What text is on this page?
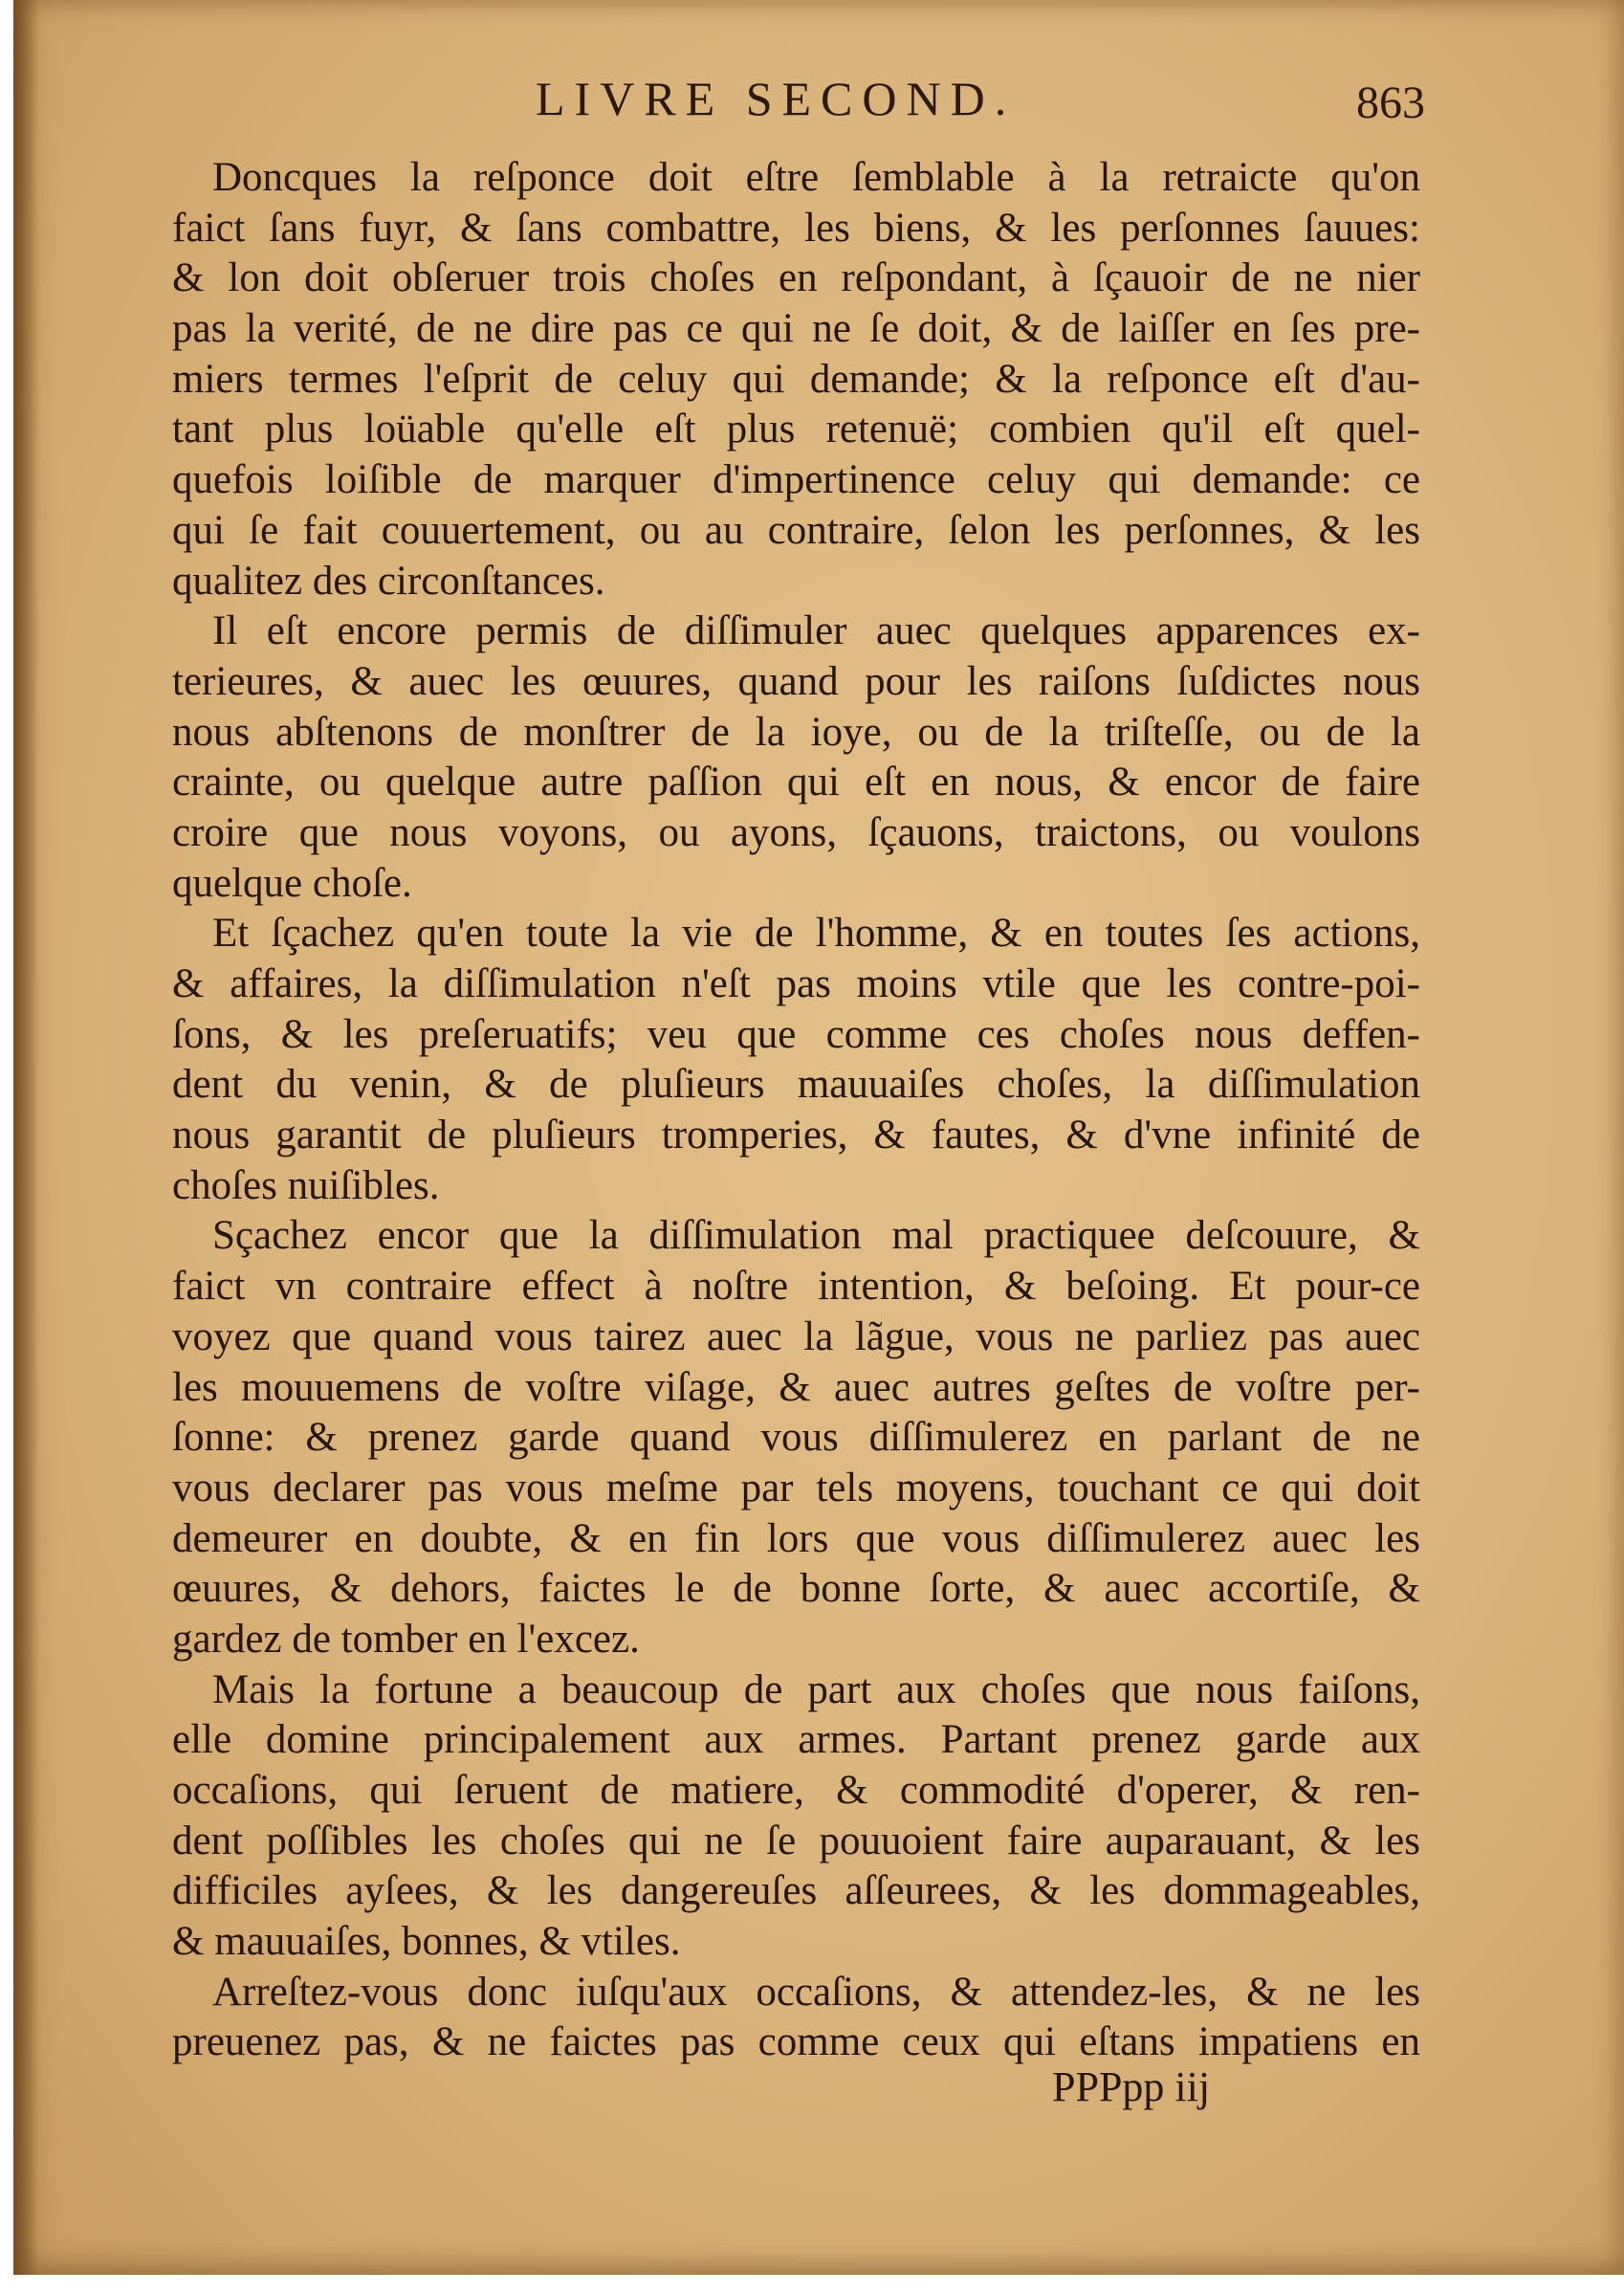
LIVRE SECOND.	863
Doncques la reſponce doit eſtre ſemblable à la retraicte qu'on
faict ſans fuyr, & ſans combattre, les biens, & les perſonnes ſauues:
& lon doit obſeruer trois choſes en reſpondant, à ſçauoir de ne nier
pas la verité, de ne dire pas ce qui ne ſe doit, & de laiſſer en ſes pre-
miers termes l'eſprit de celuy qui demande; & la reſponce eſt d'au-
tant plus loüable qu'elle eſt plus retenuë; combien qu'il eſt quel-
quefois loiſible de marquer d'impertinence celuy qui demande: ce
qui ſe fait couuertement, ou au contraire, ſelon les perſonnes, & les
qualitez des circonſtances.
Il eſt encore permis de diſſimuler auec quelques apparences ex-
terieures, & auec les œuures, quand pour les raiſons ſuſdictes nous
nous abſtenons de monſtrer de la ioye, ou de la triſteſſe, ou de la
crainte, ou quelque autre paſſion qui eſt en nous, & encor de faire
croire que nous voyons, ou ayons, ſçauons, traictons, ou voulons
quelque choſe.
Et ſçachez qu'en toute la vie de l'homme, & en toutes ſes actions,
& affaires, la diſſimulation n'eſt pas moins vtile que les contre-poi-
ſons, & les preſeruatifs; veu que comme ces choſes nous deffen-
dent du venin, & de pluſieurs mauuaiſes choſes, la diſſimulation
nous garantit de pluſieurs tromperies, & fautes, & d'vne infinité de
choſes nuiſibles.
Sçachez encor que la diſſimulation mal practiquee deſcouure, &
faict vn contraire effect à noſtre intention, & beſoing. Et pour-ce
voyez que quand vous tairez auec la lãgue, vous ne parliez pas auec
les mouuemens de voſtre viſage, & auec autres geſtes de voſtre per-
ſonne: & prenez garde quand vous diſſimulerez en parlant de ne
vous declarer pas vous meſme par tels moyens, touchant ce qui doit
demeurer en doubte, & en fin lors que vous diſſimulerez auec les
œuures, & dehors, faictes le de bonne ſorte, & auec accortiſe, &
gardez de tomber en l'excez.
Mais la fortune a beaucoup de part aux choſes que nous faiſons,
elle domine principalement aux armes. Partant prenez garde aux
occaſions, qui ſeruent de matiere, & commodité d'operer, & ren-
dent poſſibles les choſes qui ne ſe pouuoient faire auparauant, & les
difficiles ayſees, & les dangereuſes aſſeurees, & les dommageables,
& mauuaiſes, bonnes, & vtiles.
Arreſtez-vous donc iuſqu'aux occaſions, & attendez-les, & ne les
preuenez pas, & ne faictes pas comme ceux qui eſtans impatiens en
PPPpp iij
